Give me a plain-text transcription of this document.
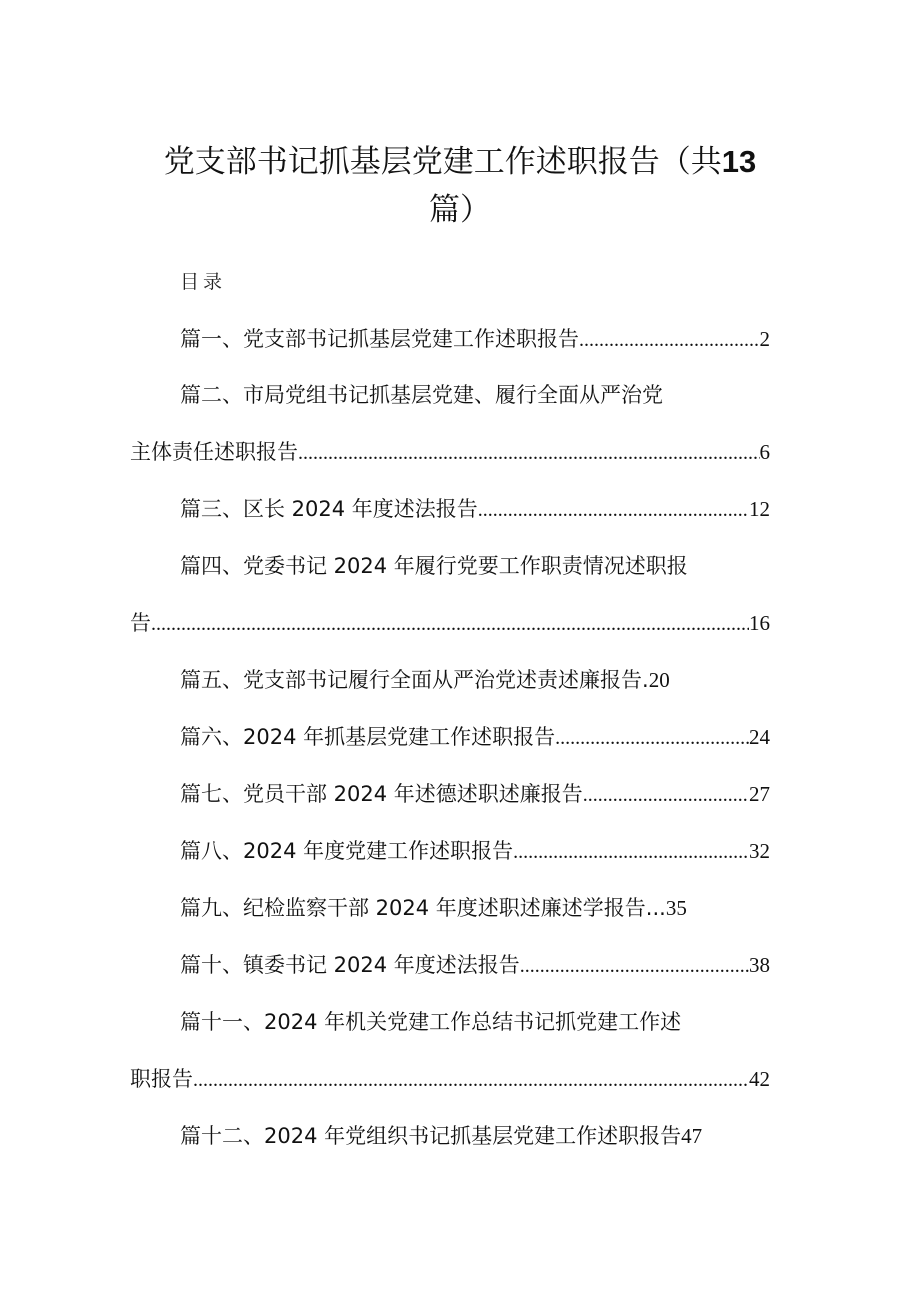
党支部书记抓基层党建工作述职报告（共13
篇）
目录
篇一、党支部书记抓基层党建工作述职报告 .....	2
篇二、市局党组书记抓基层党建、履行全面从严治党
主体责任述职报告 .....	6
篇三、区长 2024 年度述法报告 .....	12
篇四、党委书记 2024 年履行党要工作职责情况述职报
告 .....	16
篇五、党支部书记履行全面从严治党述责述廉报告. 20
篇六、2024 年抓基层党建工作述职报告 .....	24
篇七、党员干部 2024 年述德述职述廉报告 .....	27
篇八、2024 年度党建工作述职报告 .....	32
篇九、纪检监察干部 2024 年度述职述廉述学报告... 35
篇十、镇委书记 2024 年度述法报告 .....	38
篇十一、2024 年机关党建工作总结书记抓党建工作述
职报告 .....	42
篇十二、2024 年党组织书记抓基层党建工作述职报告 47
